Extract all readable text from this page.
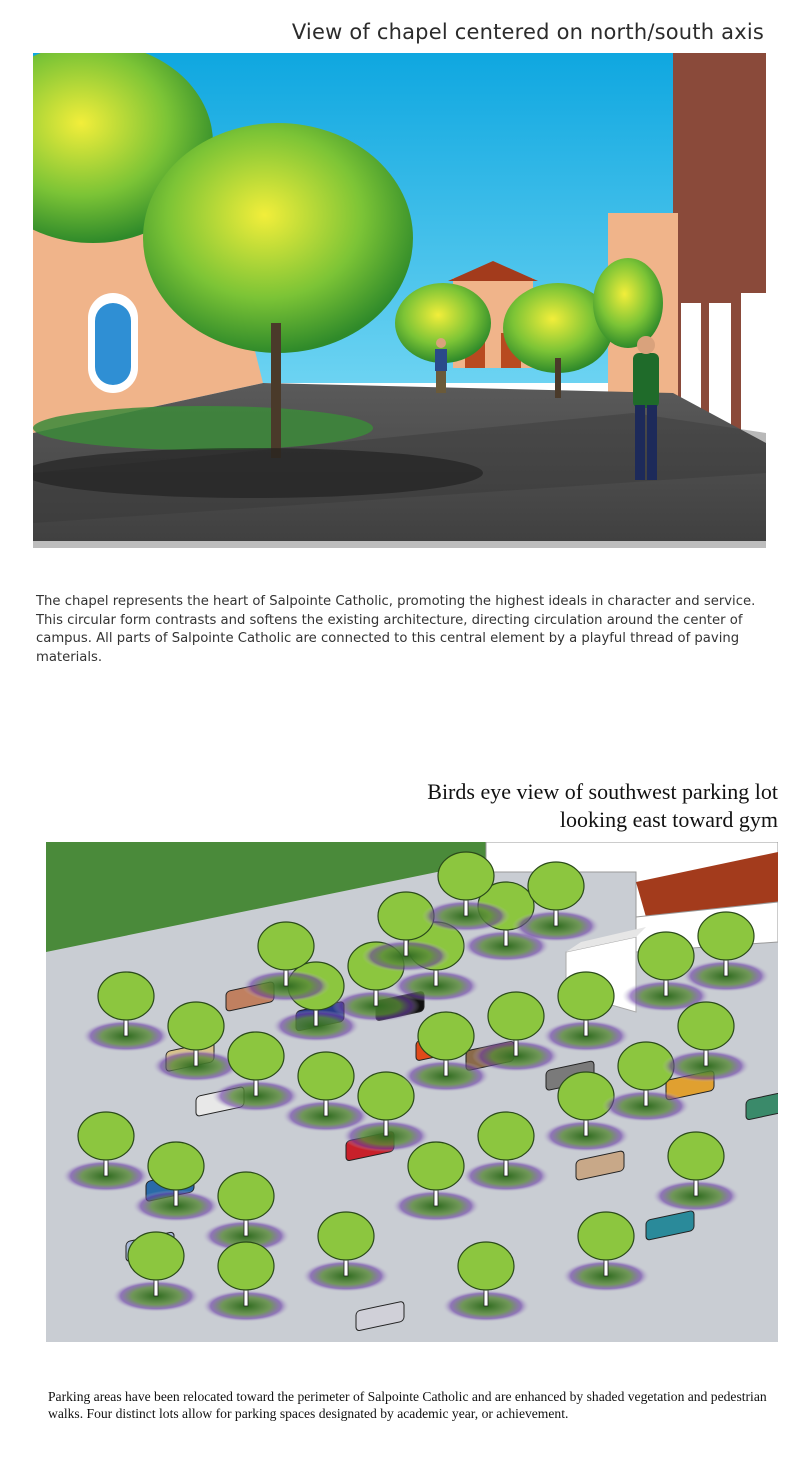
View of chapel centered on north/south axis
The chapel represents the heart of Salpointe Catholic, promoting the highest ideals in character and service. This circular form contrasts and softens the existing architecture, directing circulation around the center of campus. All parts of Salpointe Catholic are connected to this central element by a playful thread of paving materials.
Birds eye view of southwest parking lot
looking east toward gym
Parking areas have been relocated toward the perimeter of Salpointe Catholic and are enhanced by shaded vegetation and pedestrian walks. Four distinct lots allow for parking spaces designated by academic year, or achievement.
